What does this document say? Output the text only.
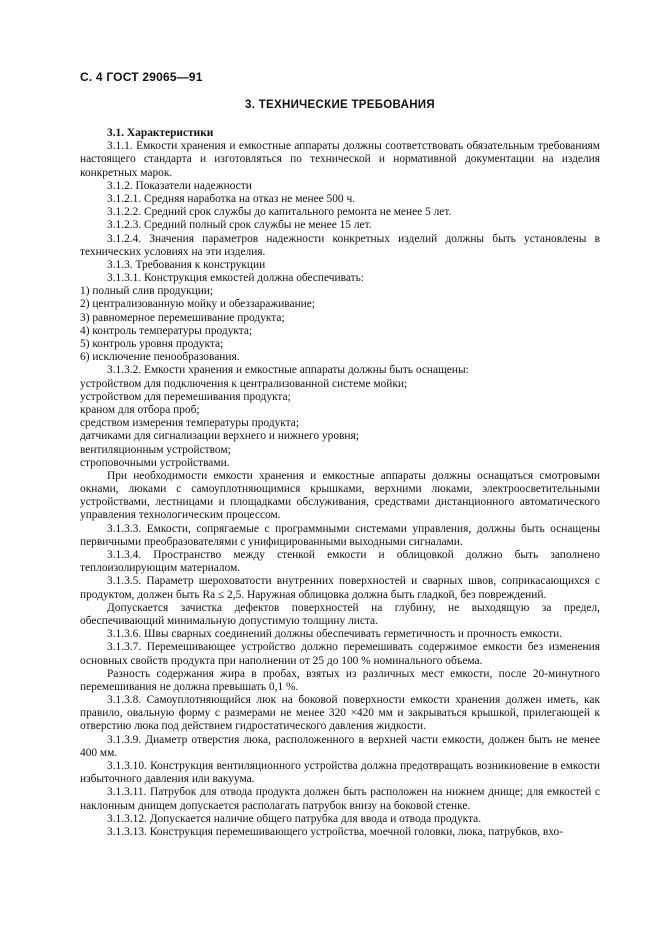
С. 4 ГОСТ 29065—91
3. ТЕХНИЧЕСКИЕ ТРЕБОВАНИЯ

3.1. Характеристики

3.1.1. Емкости хранения и емкостные аппараты должны соответствовать обязательным требованиям настоящего стандарта и изготовляться по технической и нормативной документации на изделия конкретных марок.

3.1.2. Показатели надежности

3.1.2.1. Средняя наработка на отказ не менее 500 ч.

3.1.2.2. Средний срок службы до капитального ремонта не менее 5 лет.

3.1.2.3. Средний полный срок службы не менее 15 лет.

3.1.2.4. Значения параметров надежности конкретных изделий должны быть установлены в технических условиях на эти изделия.

3.1.3. Требования к конструкции

3.1.3.1. Конструкция емкостей должна обеспечивать:

1) полный слив продукции;

2) централизованную мойку и обеззараживание;

3) равномерное перемешивание продукта;

4) контроль температуры продукта;

5) контроль уровня продукта;

6) исключение пенообразования.

3.1.3.2. Емкости хранения и емкостные аппараты должны быть оснащены:

устройством для подключения к централизованной системе мойки;

устройством для перемешивания продукта;

краном для отбора проб;

средством измерения температуры продукта;

датчиками для сигнализации верхнего и нижнего уровня;

вентиляционным устройством;

строповочными устройствами.

При необходимости емкости хранения и емкостные аппараты должны оснащаться смотровыми окнами, люками с самоуплотняющимися крышками, верхними люками, электроосветительными устройствами, лестницами и площадками обслуживания, средствами дистанционного автоматического управления технологическим процессом.

3.1.3.3. Емкости, сопрягаемые с программными системами управления, должны быть оснащены первичными преобразователями с унифицированными выходными сигналами.

3.1.3.4. Пространство между стенкой емкости и облицовкой должно быть заполнено теплоизолирующим материалом.

3.1.3.5. Параметр шероховатости внутренних поверхностей и сварных швов, соприкасающихся с продуктом, должен быть Ra ≤ 2,5. Наружная облицовка должна быть гладкой, без повреждений.

Допускается зачистка дефектов поверхностей на глубину, не выходящую за предел, обеспечивающий минимальную допустимую толщину листа.

3.1.3.6. Швы сварных соединений должны обеспечивать герметичность и прочность емкости.

3.1.3.7. Перемешивающее устройство должно перемешивать содержимое емкости без изменения основных свойств продукта при наполнении от 25 до 100 % номинального объема.

Разность содержания жира в пробах, взятых из различных мест емкости, после 20-минутного перемешивания не должна превышать 0,1 %.

3.1.3.8. Самоуплотняющийся люк на боковой поверхности емкости хранения должен иметь, как правило, овальную форму с размерами не менее 320 ×420 мм и закрываться крышкой, прилегающей к отверстию люка под действием гидростатического давления жидкости.

3.1.3.9. Диаметр отверстия люка, расположенного в верхней части емкости, должен быть не менее 400 мм.

3.1.3.10. Конструкция вентиляционного устройства должна предотвращать возникновение в емкости избыточного давления или вакуума.

3.1.3.11. Патрубок для отвода продукта должен быть расположен на нижнем днище; для емкостей с наклонным днищем допускается располагать патрубок внизу на боковой стенке.

3.1.3.12. Допускается наличие общего патрубка для ввода и отвода продукта.

3.1.3.13. Конструкция перемешивающего устройства, моечной головки, люка, патрубков, вхо-
